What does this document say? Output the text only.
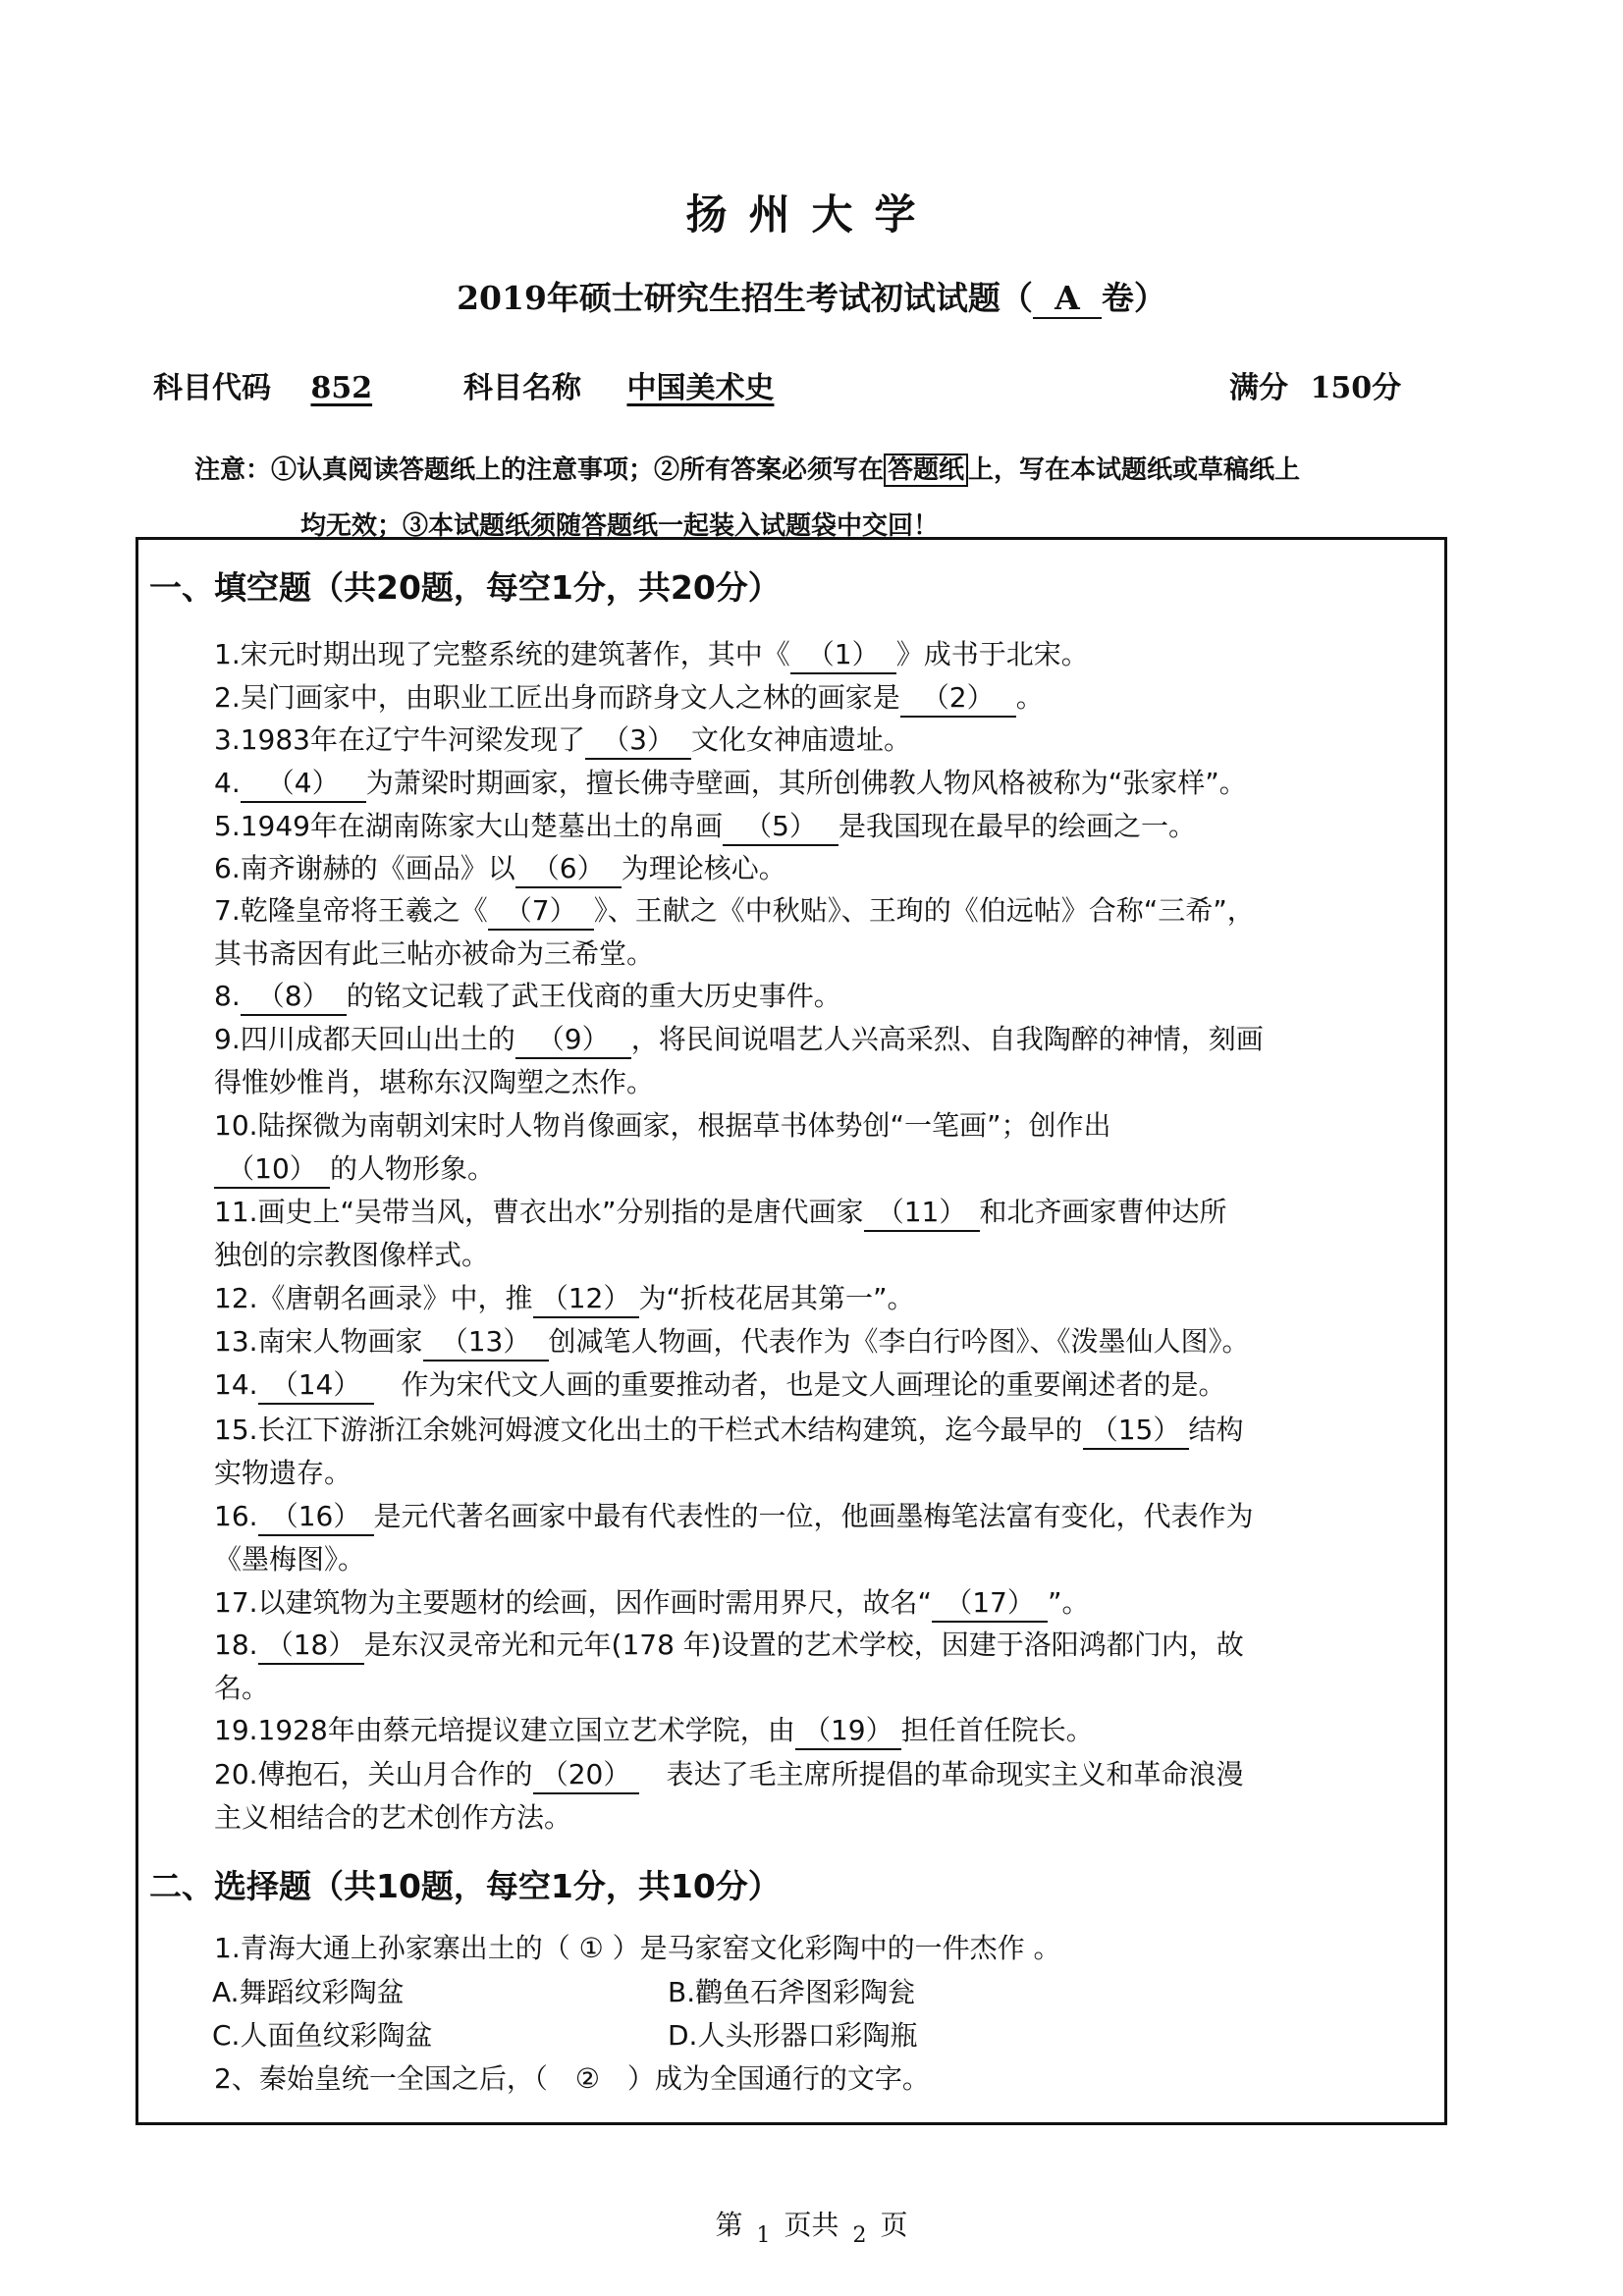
扬州大学
2019年硕士研究生招生考试初试试题（ A 卷）
科目代码 852	科目名称 中国美术史	满分 150分
注意：①认真阅读答题纸上的注意事项；②所有答案必须写在 答题纸 上，写在本试题纸或草稿纸上
均无效；③本试题纸须随答题纸一起装入试题袋中交回！
一、填空题（共20题，每空1分，共20分）
1.宋元时期出现了完整系统的建筑著作，其中《 （1） 》成书于北宋。
2.吴门画家中，由职业工匠出身而跻身文人之林的画家是 （2） 。
3.1983年在辽宁牛河梁发现了 （3） 文化女神庙遗址。
4. （4） 为萧梁时期画家，擅长佛寺壁画，其所创佛教人物风格被称为“张家样”。
5.1949年在湖南陈家大山楚墓出土的帛画 （5） 是我国现在最早的绘画之一。
6.南齐谢赫的《画品》以 （6） 为理论核心。
7.乾隆皇帝将王羲之《 （7） 》、王献之《中秋贴》、王珣的《伯远帖》合称“三希”，
其书斋因有此三帖亦被命为三希堂。
8. （8） 的铭文记载了武王伐商的重大历史事件。
9.四川成都天回山出土的 （9） ，将民间说唱艺人兴高采烈、自我陶醉的神情，刻画
得惟妙惟肖，堪称东汉陶塑之杰作。
10.陆探微为南朝刘宋时人物肖像画家，根据草书体势创“一笔画”；创作出
（10） 的人物形象。
11.画史上“吴带当风，曹衣出水”分别指的是唐代画家 （11） 和北齐画家曹仲达所
独创的宗教图像样式。
12.《唐朝名画录》中，推 （12） 为“折枝花居其第一”。
13.南宋人物画家 （13） 创减笔人物画，代表作为《李白行吟图》、《泼墨仙人图》。
14. （14）　作为宋代文人画的重要推动者，也是文人画理论的重要阐述者的是。
15.长江下游浙江余姚河姆渡文化出土的干栏式木结构建筑，迄今最早的 （15） 结构
实物遗存。
16. （16） 是元代著名画家中最有代表性的一位，他画墨梅笔法富有变化，代表作为
《墨梅图》。
17.以建筑物为主要题材的绘画，因作画时需用界尺，故名“ （17） ”。
18. （18） 是东汉灵帝光和元年(178 年)设置的艺术学校，因建于洛阳鸿都门内，故
名。
19.1928年由蔡元培提议建立国立艺术学院，由 （19） 担任首任院长。
20.傅抱石，关山月合作的 （20）　表达了毛主席所提倡的革命现实主义和革命浪漫
主义相结合的艺术创作方法。
二、选择题（共10题，每空1分，共10分）
1.青海大通上孙家寨出土的（ ① ）是马家窑文化彩陶中的一件杰作 。
A.舞蹈纹彩陶盆	B.鹳鱼石斧图彩陶瓮
C.人面鱼纹彩陶盆	D.人头形器口彩陶瓶
2、秦始皇统一全国之后，（　②　）成为全国通行的文字。
第 $_1$ 页共 $_2$ 页
